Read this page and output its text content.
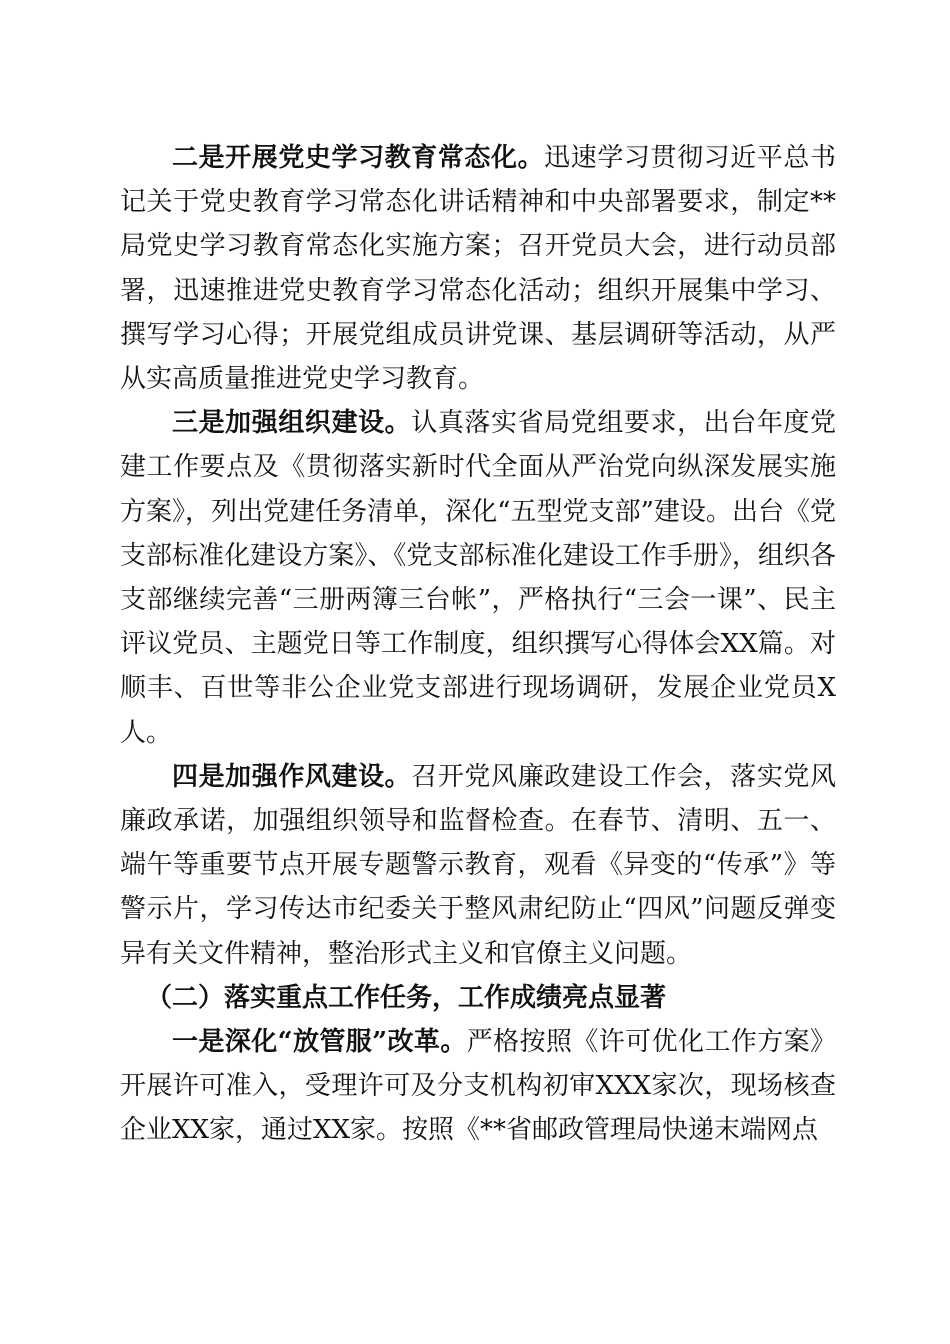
二是开展党史学习教育常态化。迅速学习贯彻习近平总书记关于党史教育学习常态化讲话精神和中央部署要求，制定**局党史学习教育常态化实施方案；召开党员大会，进行动员部署，迅速推进党史教育学习常态化活动；组织开展集中学习、撰写学习心得；开展党组成员讲党课、基层调研等活动，从严从实高质量推进党史学习教育。

三是加强组织建设。认真落实省局党组要求，出台年度党建工作要点及《贯彻落实新时代全面从严治党向纵深发展实施方案》，列出党建任务清单，深化“五型党支部”建设。出台《党支部标准化建设方案》、《党支部标准化建设工作手册》，组织各支部继续完善“三册两簿三台帐”，严格执行“三会一课”、民主评议党员、主题党日等工作制度，组织撰写心得体会XX篇。对顺丰、百世等非公企业党支部进行现场调研，发展企业党员X人。

四是加强作风建设。召开党风廉政建设工作会，落实党风廉政承诺，加强组织领导和监督检查。在春节、清明、五一、端午等重要节点开展专题警示教育，观看《异变的“传承”》等警示片，学习传达市纪委关于整风肃纪防止“四风”问题反弹变异有关文件精神，整治形式主义和官僚主义问题。

（二）落实重点工作任务，工作成绩亮点显著

一是深化“放管服”改革。严格按照《许可优化工作方案》开展许可准入，受理许可及分支机构初审XXX家次，现场核查企业XX家，通过XX家。按照《**省邮政管理局快递末端网点
